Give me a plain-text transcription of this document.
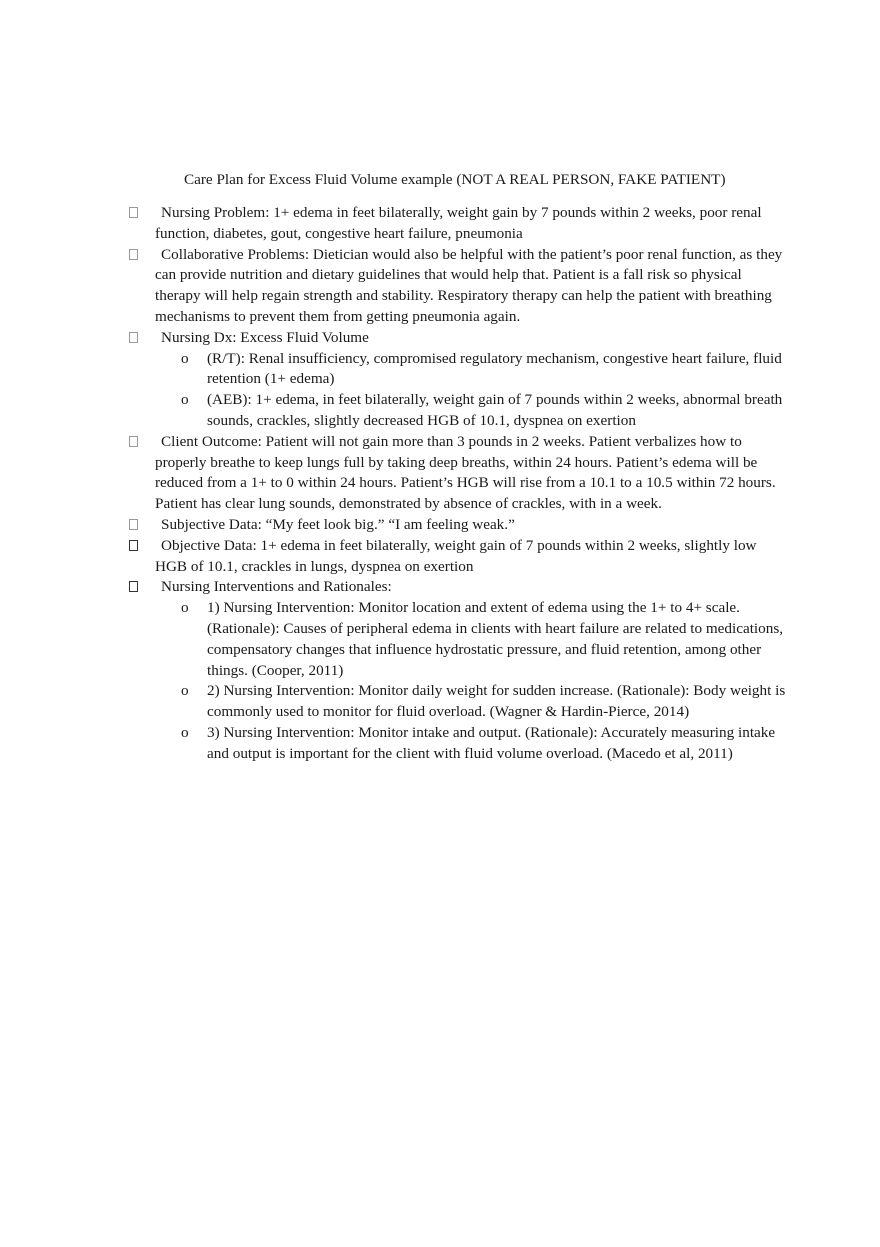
Care Plan for Excess Fluid Volume example (NOT A REAL PERSON, FAKE PATIENT)
Nursing Problem: 1+ edema in feet bilaterally, weight gain by 7 pounds within 2 weeks, poor renal function, diabetes, gout, congestive heart failure, pneumonia
Collaborative Problems: Dietician would also be helpful with the patient’s poor renal function, as they can provide nutrition and dietary guidelines that would help that. Patient is a fall risk so physical therapy will help regain strength and stability. Respiratory therapy can help the patient with breathing mechanisms to prevent them from getting pneumonia again.
Nursing Dx: Excess Fluid Volume
o (R/T): Renal insufficiency, compromised regulatory mechanism, congestive heart failure, fluid retention (1+ edema)
o (AEB): 1+ edema, in feet bilaterally, weight gain of 7 pounds within 2 weeks, abnormal breath sounds, crackles, slightly decreased HGB of 10.1, dyspnea on exertion
Client Outcome: Patient will not gain more than 3 pounds in 2 weeks. Patient verbalizes how to properly breathe to keep lungs full by taking deep breaths, within 24 hours. Patient’s edema will be reduced from a 1+ to 0 within 24 hours. Patient’s HGB will rise from a 10.1 to a 10.5 within 72 hours. Patient has clear lung sounds, demonstrated by absence of crackles, with in a week.
Subjective Data: “My feet look big.” “I am feeling weak.”
Objective Data: 1+ edema in feet bilaterally, weight gain of 7 pounds within 2 weeks, slightly low HGB of 10.1, crackles in lungs, dyspnea on exertion
Nursing Interventions and Rationales:
o 1) Nursing Intervention: Monitor location and extent of edema using the 1+ to 4+ scale. (Rationale): Causes of peripheral edema in clients with heart failure are related to medications, compensatory changes that influence hydrostatic pressure, and fluid retention, among other things. (Cooper, 2011)
o 2) Nursing Intervention: Monitor daily weight for sudden increase. (Rationale): Body weight is commonly used to monitor for fluid overload. (Wagner & Hardin-Pierce, 2014)
o 3) Nursing Intervention: Monitor intake and output. (Rationale): Accurately measuring intake and output is important for the client with fluid volume overload. (Macedo et al, 2011)
